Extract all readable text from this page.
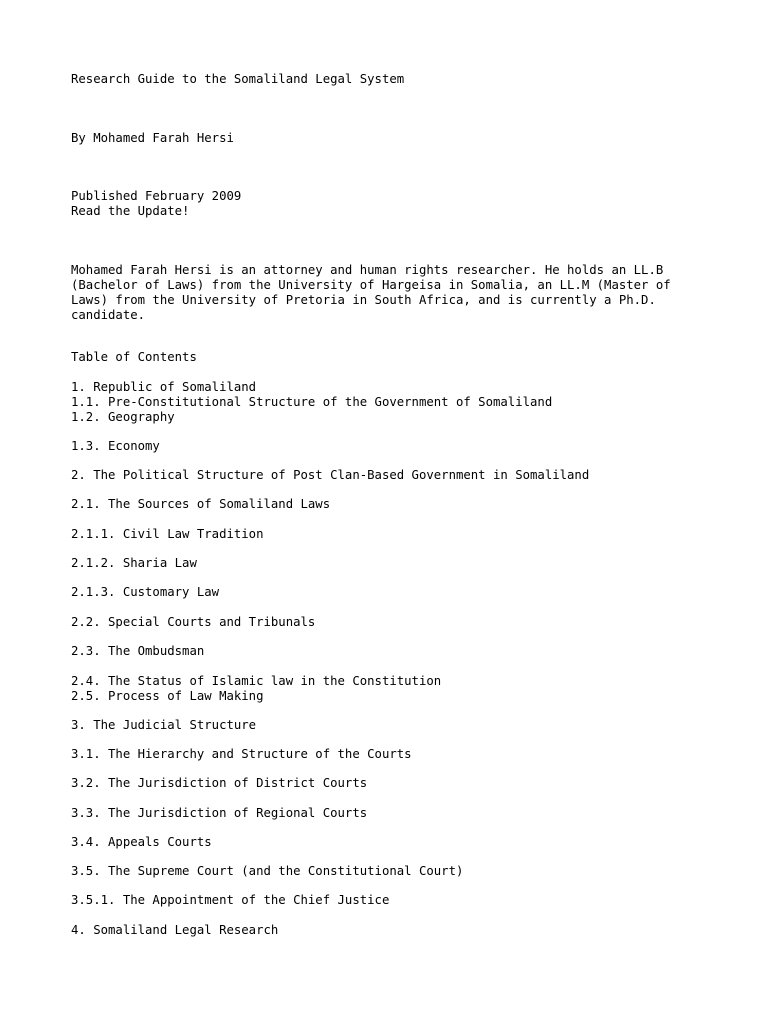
Research Guide to the Somaliland Legal System

By Mohamed Farah Hersi

Published February 2009

Read the Update!

Mohamed Farah Hersi is an attorney and human rights researcher. He holds an LL.B
(Bachelor of Laws) from the University of Hargeisa in Somalia, an LL.M (Master of
Laws) from the University of Pretoria in South Africa, and is currently a Ph.D.
candidate.

Table of Contents

1. Republic of Somaliland

1.1. Pre-Constitutional Structure of the Government of Somaliland

1.2. Geography

1.3. Economy

2. The Political Structure of Post Clan-Based Government in Somaliland

2.1. The Sources of Somaliland Laws

2.1.1. Civil Law Tradition

2.1.2. Sharia Law

2.1.3. Customary Law

2.2. Special Courts and Tribunals

2.3. The Ombudsman

2.4. The Status of Islamic law in the Constitution

2.5. Process of Law Making

3. The Judicial Structure

3.1. The Hierarchy and Structure of the Courts

3.2. The Jurisdiction of District Courts

3.3. The Jurisdiction of Regional Courts

3.4. Appeals Courts

3.5. The Supreme Court (and the Constitutional Court)

3.5.1. The Appointment of the Chief Justice

4. Somaliland Legal Research
